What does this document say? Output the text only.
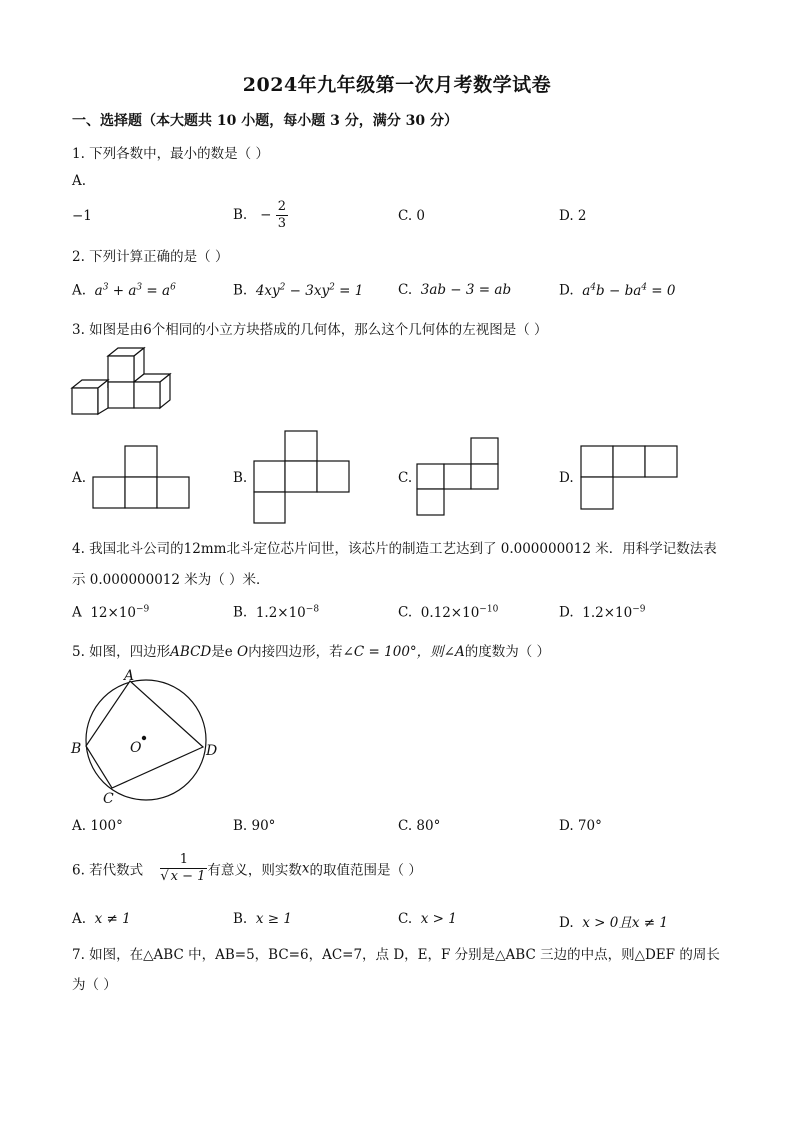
2024年九年级第一次月考数学试卷
一、选择题（本大题共 10 小题，每小题 3 分，满分 30 分）
1. 下列各数中，最小的数是（ ）
A.
−1	B. − $\frac{2}{3}$	C. 0	D. 2
2. 下列计算正确的是（ ）
A. $a^3 + a^3 = a^6$	B. $4xy^2 - 3xy^2 = 1$	C. 3ab − 3 = ab	D. $a^4b - ba^4 = 0$
3. 如图是由6个相同的小立方块搭成的几何体，那么这个几何体的左视图是（ ）
A.	B.	C.	D.
4. 我国北斗公司的12mm北斗定位芯片问世，该芯片的制造工艺达到了 0.000000012 米．用科学记数法表
示 0.000000012 米为（ ）米．
A $12\times 10^{-9}$	B. $1.2\times 10^{-8}$	C. $0.12\times 10^{-10}$	D. $1.2\times 10^{-9}$
5. 如图，四边形ABCD是e O内接四边形，若∠C = 100°，则∠A的度数为（ ）
A
B
C
D
O
A. 100°	B. 90°	C. 80°	D. 70°
6. 若代数式 $\frac{1}{√ x - 1}$ 有意义，则实数x的取值范围是（ ）
A. x ≠ 1	B. x ≥ 1	C. x > 1	D. x > 0且x ≠ 1
7. 如图，在△ABC 中，AB=5，BC=6，AC=7，点 D，E，F 分别是△ABC 三边的中点，则△DEF 的周长
为（ ）
